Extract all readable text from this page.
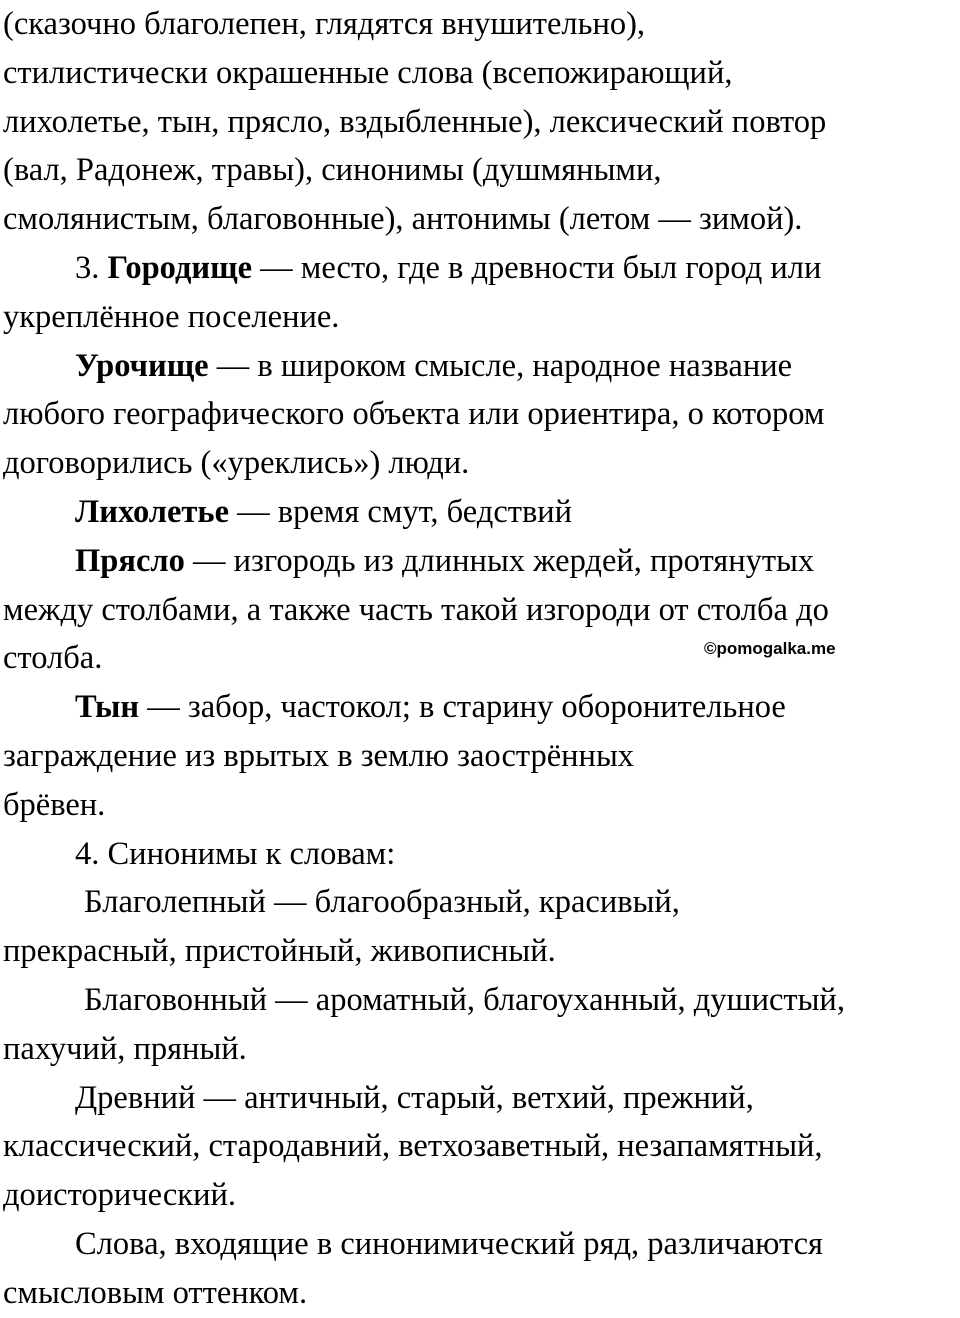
(сказочно благолепен, глядятся внушительно),
стилистически окрашенные слова (всепожирающий,
лихолетье, тын, прясло, вздыбленные), лексический повтор
(вал, Радонеж, травы), синонимы (душмяными,
смолянистым, благовонные), антонимы (летом — зимой).
3. Городище — место, где в древности был город или
укреплённое поселение.
Урочище — в широком смысле, народное название
любого географического объекта или ориентира, о котором
договорились («уреклись») люди.
Лихолетье — время смут, бедствий
Прясло — изгородь из длинных жердей, протянутых
между столбами, а также часть такой изгороди от столба до
столба.
Тын — забор, частокол; в старину оборонительное
заграждение из врытых в землю заострённых
брёвен.
4. Синонимы к словам:
Благолепный — благообразный, красивый,
прекрасный, пристойный, живописный.
Благовонный — ароматный, благоуханный, душистый,
пахучий, пряный.
Древний — античный, старый, ветхий, прежний,
классический, стародавний, ветхозаветный, незапамятный,
доисторический.
Слова, входящие в синонимический ряд, различаются
смысловым оттенком.
©pomogalka.me
